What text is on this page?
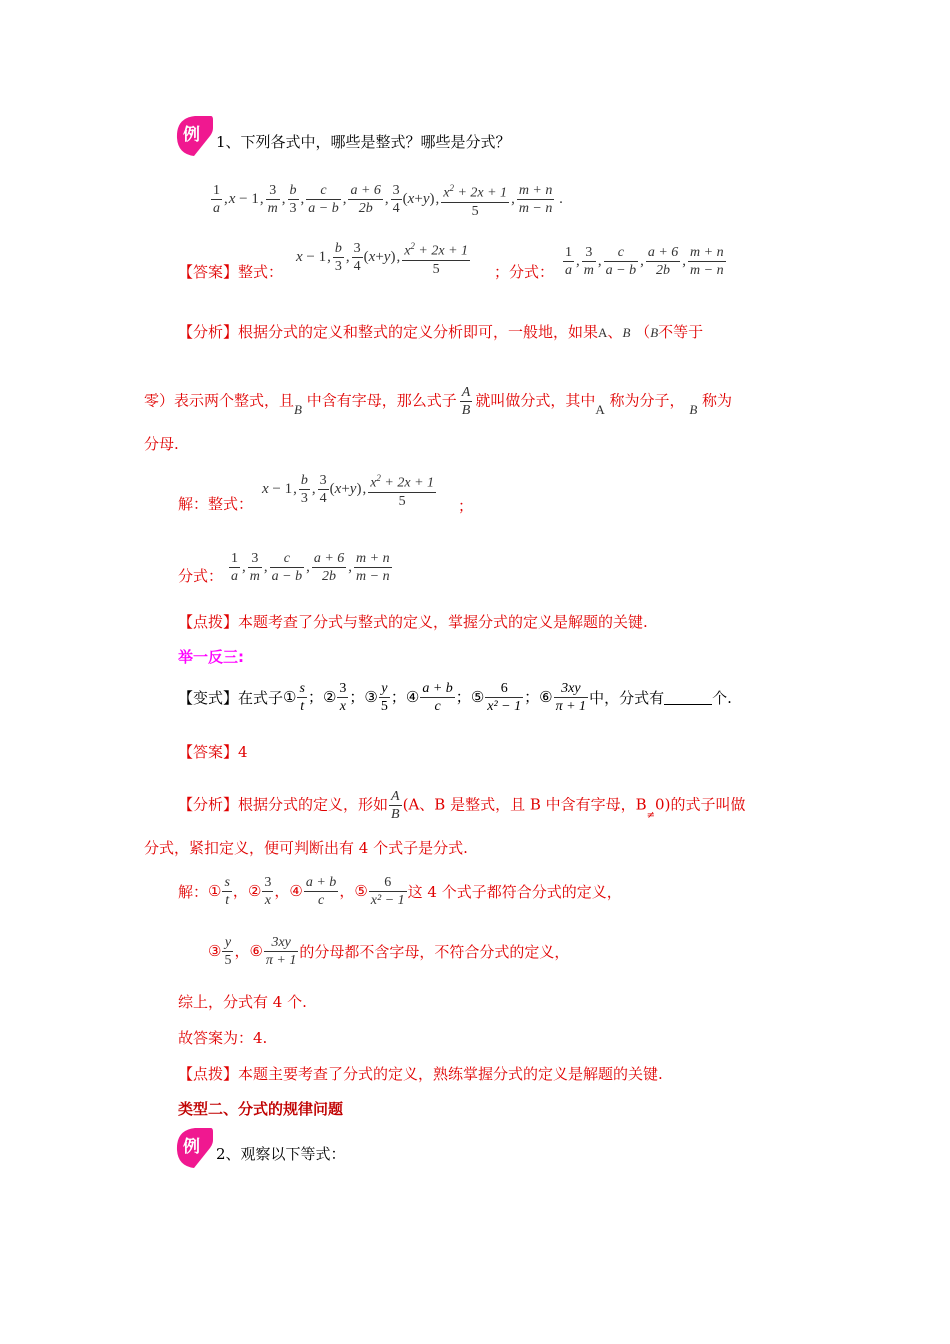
例 1、下列各式中，哪些是整式？哪些是分式？
$\frac{1}{a}$ , x − 1 , $\frac{3}{m}$ , $\frac{b}{3}$ , $\frac{c}{a - b}$ , $\frac{a + 6}{2b}$ , $\frac{3}{4}$ ( x + y ) , $\frac{x^2 + 2x + 1}{5}$ , $\frac{m + n}{m - n}$ .
【答案】整式：
x − 1 , $\frac{b}{3}$ , $\frac{3}{4}$ ( x + y ) , $\frac{x^2 + 2x + 1}{5}$ ；分式： $\frac{1}{a}$ , $\frac{3}{m}$ , $\frac{c}{a - b}$ , $\frac{a + 6}{2b}$ , $\frac{m + n}{m - n}$
【分析】根据分式的定义和整式的定义分析即可，一般地，如果A、B （B不等于
零）表示两个整式，且B 中含有字母，那么式子 $\frac{A}{B}$ 就叫做分式，其中A 称为分子， B 称为
分母.
解：整式：
x − 1 , $\frac{b}{3}$ , $\frac{3}{4}$ ( x + y ) , $\frac{x^2 + 2x + 1}{5}$ ；
分式： $\frac{1}{a}$ , $\frac{3}{m}$ , $\frac{c}{a - b}$ , $\frac{a + 6}{2b}$ , $\frac{m + n}{m - n}$
【点拨】本题考查了分式与整式的定义，掌握分式的定义是解题的关键.
举一反三:
【变式】 在式子 ① $\frac{s}{t}$ ； ② $\frac{3}{x}$ ； ③ $\frac{y}{5}$ ； ④ $\frac{a + b}{c}$ ； ⑤ $\frac{6}{\text{x² − 1}}$ ； ⑥ $\frac{3xy}{\pi + 1}$ 中，分式有	个.
【答案】4
【分析】根据分式的定义，形如 $\frac{A}{B} (A$、B 是整式，且 B 中含有字母，$B_\ne 0$)的式子叫做
分式，紧扣定义，便可判断出有 4 个式子是分式.
解： ① $\frac{s}{t}$ ， ② $\frac{3}{x}$ ， ④ $\frac{a + b}{c}$ ， ⑤ $\frac{6}{\text{x² − 1}}$ 这 4 个式子都符合分式的定义，
③ $\frac{y}{5}$ ， ⑥ $\frac{3xy}{\pi + 1}$ 的分母都不含字母，不符合分式的定义，
综上，分式有 4 个.
故答案为：4.
【点拨】本题主要考查了分式的定义，熟练掌握分式的定义是解题的关键.
类型二、分式的规律问题
例 2、观察以下等式：
